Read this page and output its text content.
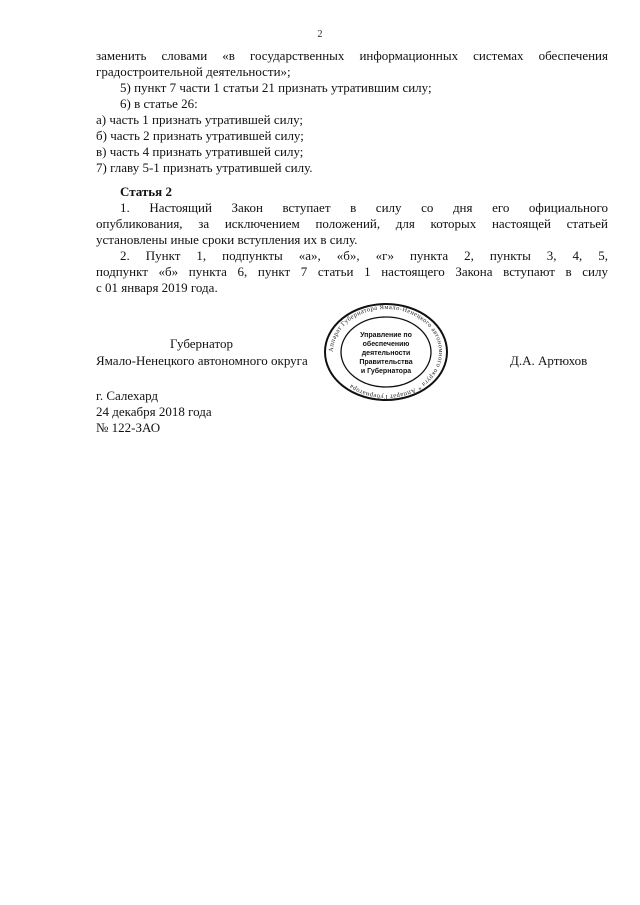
2
заменить словами «в государственных информационных системах обеспечения
градостроительной деятельности»;
5) пункт 7 части 1 статьи 21 признать утратившим силу;
6) в статье 26:
а) часть 1 признать утратившей силу;
б) часть 2 признать утратившей силу;
в) часть 4 признать утратившей силу;
7) главу 5-1 признать утратившей силу.
Статья 2
1. Настоящий Закон вступает в силу со дня его официального
опубликования, за исключением положений, для которых настоящей статьей
установлены иные сроки вступления их в силу.
2. Пункт 1, подпункты «а», «б», «г» пункта 2, пункты 3, 4, 5,
подпункт «б» пункта 6, пункт 7 статьи 1 настоящего Закона вступают в силу
с 01 января 2019 года.
Губернатор
Ямало-Ненецкого автономного округа	Д.А. Артюхов
Аппарат Губернатора Ямало-Ненецкого автономного округа * Аппарат Губернатора
Управление по
обеспечению
деятельности
Правительства
и Губернатора
г. Салехард
24 декабря 2018 года
№ 122-ЗАО
